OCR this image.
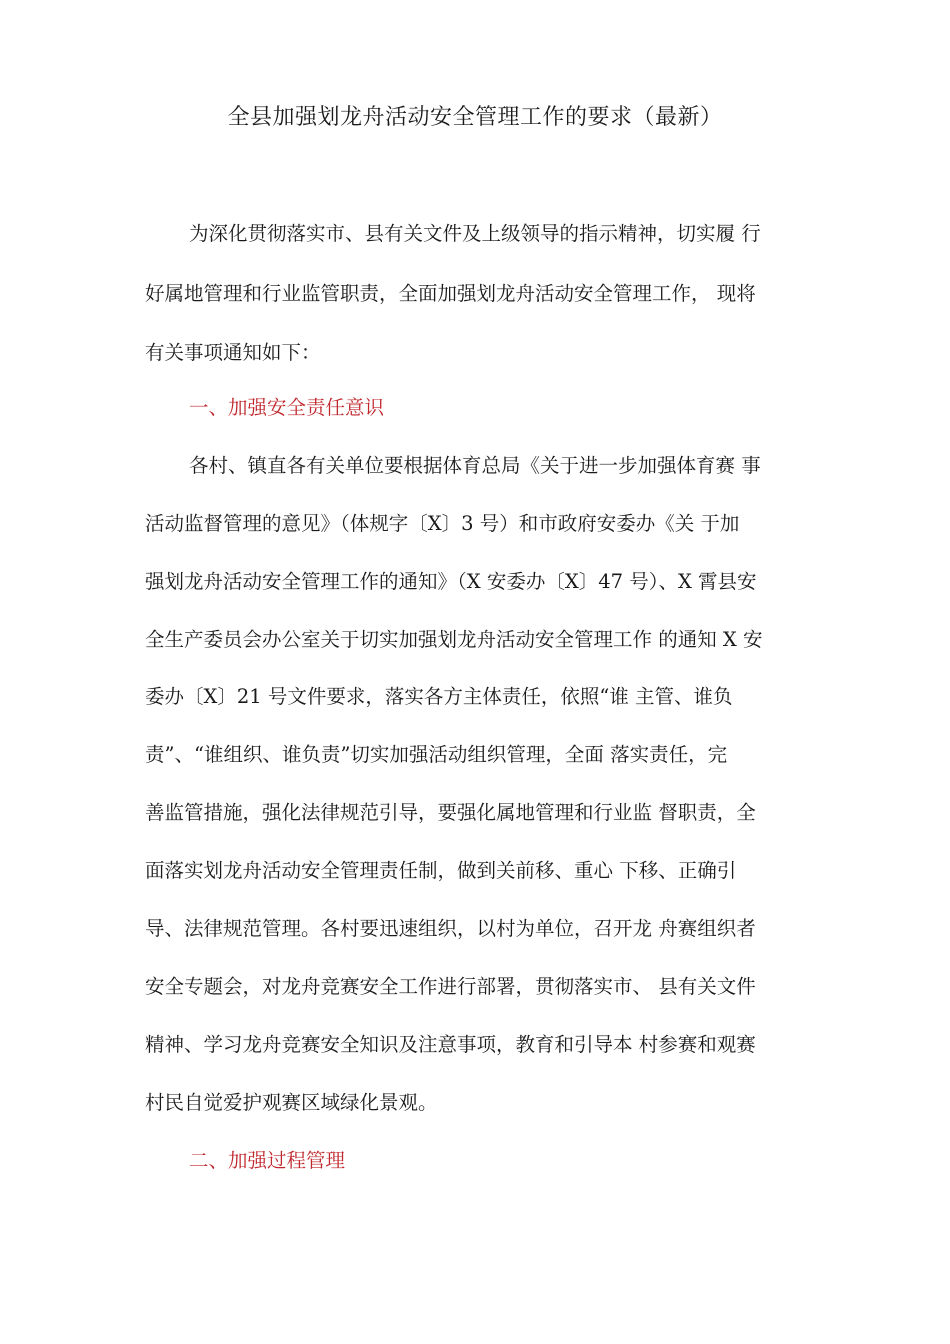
全县加强划龙舟活动安全管理工作的要求（最新）
为深化贯彻落实市、县有关文件及上级领导的指示精神，切实履 行
好属地管理和行业监管职责，全面加强划龙舟活动安全管理工作， 现将
有关事项通知如下：
一、加强安全责任意识
各村、镇直各有关单位要根据体育总局《关于进一步加强体育赛 事
活动监督管理的意见》（体规字〔X〕3 号）和市政府安委办《关 于加
强划龙舟活动安全管理工作的通知》（X 安委办〔X〕47 号）、X 霄县安
全生产委员会办公室关于切实加强划龙舟活动安全管理工作 的通知 X 安
委办〔X〕21 号文件要求，落实各方主体责任，依照“谁 主管、谁负
责”、“谁组织、谁负责”切实加强活动组织管理，全面 落实责任，完
善监管措施，强化法律规范引导，要强化属地管理和行业监 督职责，全
面落实划龙舟活动安全管理责任制，做到关前移、重心 下移、正确引
导、法律规范管理。各村要迅速组织，以村为单位，召开龙 舟赛组织者
安全专题会，对龙舟竞赛安全工作进行部署，贯彻落实市、 县有关文件
精神、学习龙舟竞赛安全知识及注意事项，教育和引导本 村参赛和观赛
村民自觉爱护观赛区域绿化景观。
二、加强过程管理
